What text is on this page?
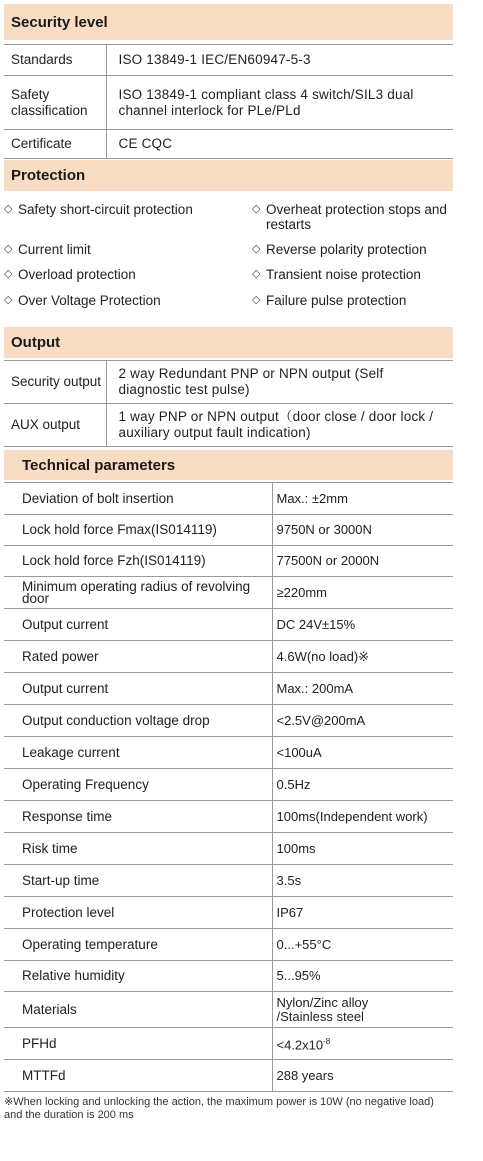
Security level
Standards	ISO 13849-1 IEC/EN60947-5-3
Safety classification	ISO 13849-1 compliant class 4 switch/SIL3 dual channel interlock for PLe/PLd
Certificate	CE CQC
Protection
◇ Safety short-circuit protection	◇ Overheat protection stops and restarts
◇ Current limit	◇ Reverse polarity protection
◇ Overload protection	◇ Transient noise protection
◇ Over Voltage Protection	◇ Failure pulse protection
Output
Security output	2 way Redundant PNP or NPN output (Self diagnostic test pulse)
AUX output	1 way PNP or NPN output（door close / door lock / auxiliary output fault indication)
Technical parameters
Deviation of bolt insertion	Max.: ±2mm
Lock hold force Fmax(IS014119)	9750N or 3000N
Lock hold force Fzh(IS014119)	77500N or 2000N
Minimum operating radius of revolving door	≥220mm
Output current	DC 24V±15%
Rated power	4.6W(no load)※
Output current	Max.: 200mA
Output conduction voltage drop	<2.5V@200mA
Leakage current	<100uA
Operating Frequency	0.5Hz
Response time	100ms(Independent work)
Risk time	100ms
Start-up time	3.5s
Protection level	IP67
Operating temperature	0...+55°C
Relative humidity	5...95%
Materials	Nylon/Zinc alloy /Stainless steel
PFHd	$<4.2x10^{-8}$
MTTFd	288 years
※When locking and unlocking the action, the maximum power is 10W (no negative load) and the duration is 200 ms
